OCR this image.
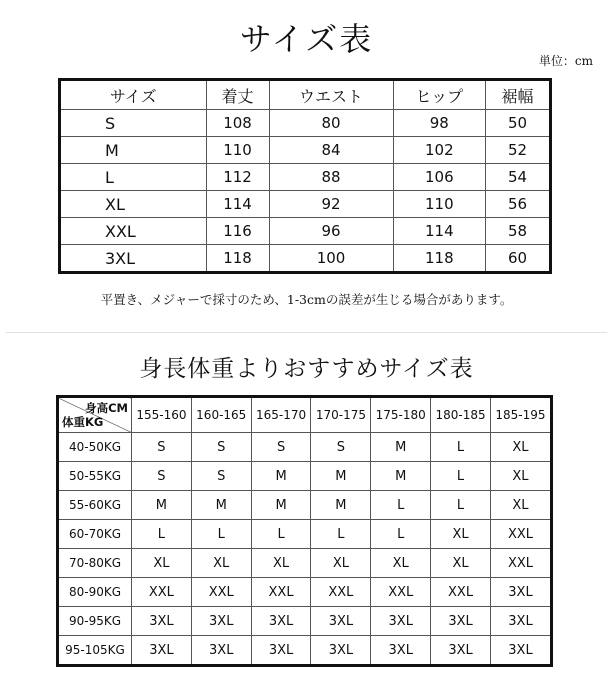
サイズ表
単位：cm
サイズ	着丈	ウエスト	ヒップ	裾幅
S	108	80	98	50
M	110	84	102	52
L	112	88	106	54
XL	114	92	110	56
XXL	116	96	114	58
3XL	118	100	118	60
平置き、メジャーで採寸のため、1-3cmの誤差が生じる場合があります。
身長体重よりおすすめサイズ表
身高CM
体重KG	155-160	160-165	165-170	170-175	175-180	180-185	185-195
40-50KG	S	S	S	S	M	L	XL
50-55KG	S	S	M	M	M	L	XL
55-60KG	M	M	M	M	L	L	XL
60-70KG	L	L	L	L	L	XL	XXL
70-80KG	XL	XL	XL	XL	XL	XL	XXL
80-90KG	XXL	XXL	XXL	XXL	XXL	XXL	3XL
90-95KG	3XL	3XL	3XL	3XL	3XL	3XL	3XL
95-105KG	3XL	3XL	3XL	3XL	3XL	3XL	3XL
